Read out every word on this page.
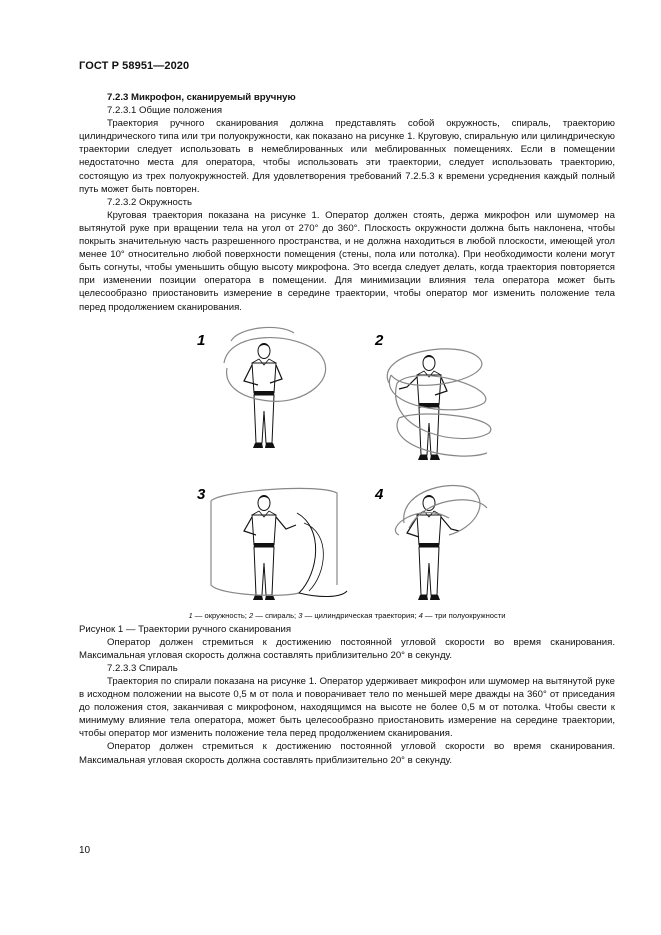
ГОСТ Р 58951—2020

7.2.3 Микрофон, сканируемый вручную

7.2.3.1 Общие положения

Траектория ручного сканирования должна представлять собой окружность, спираль, траекторию цилиндрического типа или три полуокружности, как показано на рисунке 1. Круговую, спиральную или цилиндрическую траектории следует использовать в немеблированных или меблированных помещениях. Если в помещении недостаточно места для оператора, чтобы использовать эти траектории, следует использовать траекторию, состоящую из трех полуокружностей. Для удовлетворения требований 7.2.5.3 к времени усреднения каждый полный путь может быть повторен.

7.2.3.2 Окружность

Круговая траектория показана на рисунке 1. Оператор должен стоять, держа микрофон или шумомер на вытянутой руке при вращении тела на угол от 270° до 360°. Плоскость окружности должна быть наклонена, чтобы покрыть значительную часть разрешенного пространства, и не должна находиться в любой плоскости, имеющей угол менее 10° относительно любой поверхности помещения (стены, пола или потолка). При необходимости колени могут быть согнуты, чтобы уменьшить общую высоту микрофона. Это всегда следует делать, когда траектория повторяется при изменении позиции оператора в помещении. Для минимизации влияния тела оператора может быть целесообразно приостановить измерение в середине траектории, чтобы оператор мог изменить положение тела перед продолжением сканирования.

1	2
3	4
1 — окружность; 2 — спираль; 3 — цилиндрическая траектория; 4 — три полуокружности

Рисунок 1 — Траектории ручного сканирования

Оператор должен стремиться к достижению постоянной угловой скорости во время сканирования. Максимальная угловая скорость должна составлять приблизительно 20° в секунду.

7.2.3.3 Спираль

Траектория по спирали показана на рисунке 1. Оператор удерживает микрофон или шумомер на вытянутой руке в исходном положении на высоте 0,5 м от пола и поворачивает тело по меньшей мере дважды на 360° от приседания до положения стоя, заканчивая с микрофоном, находящимся на высоте не более 0,5 м от потолка. Чтобы свести к минимуму влияние тела оператора, может быть целесообразно приостановить измерение на середине траектории, чтобы оператор мог изменить положение тела перед продолжением сканирования.

Оператор должен стремиться к достижению постоянной угловой скорости во время сканирования. Максимальная угловая скорость должна составлять приблизительно 20° в секунду.

10
